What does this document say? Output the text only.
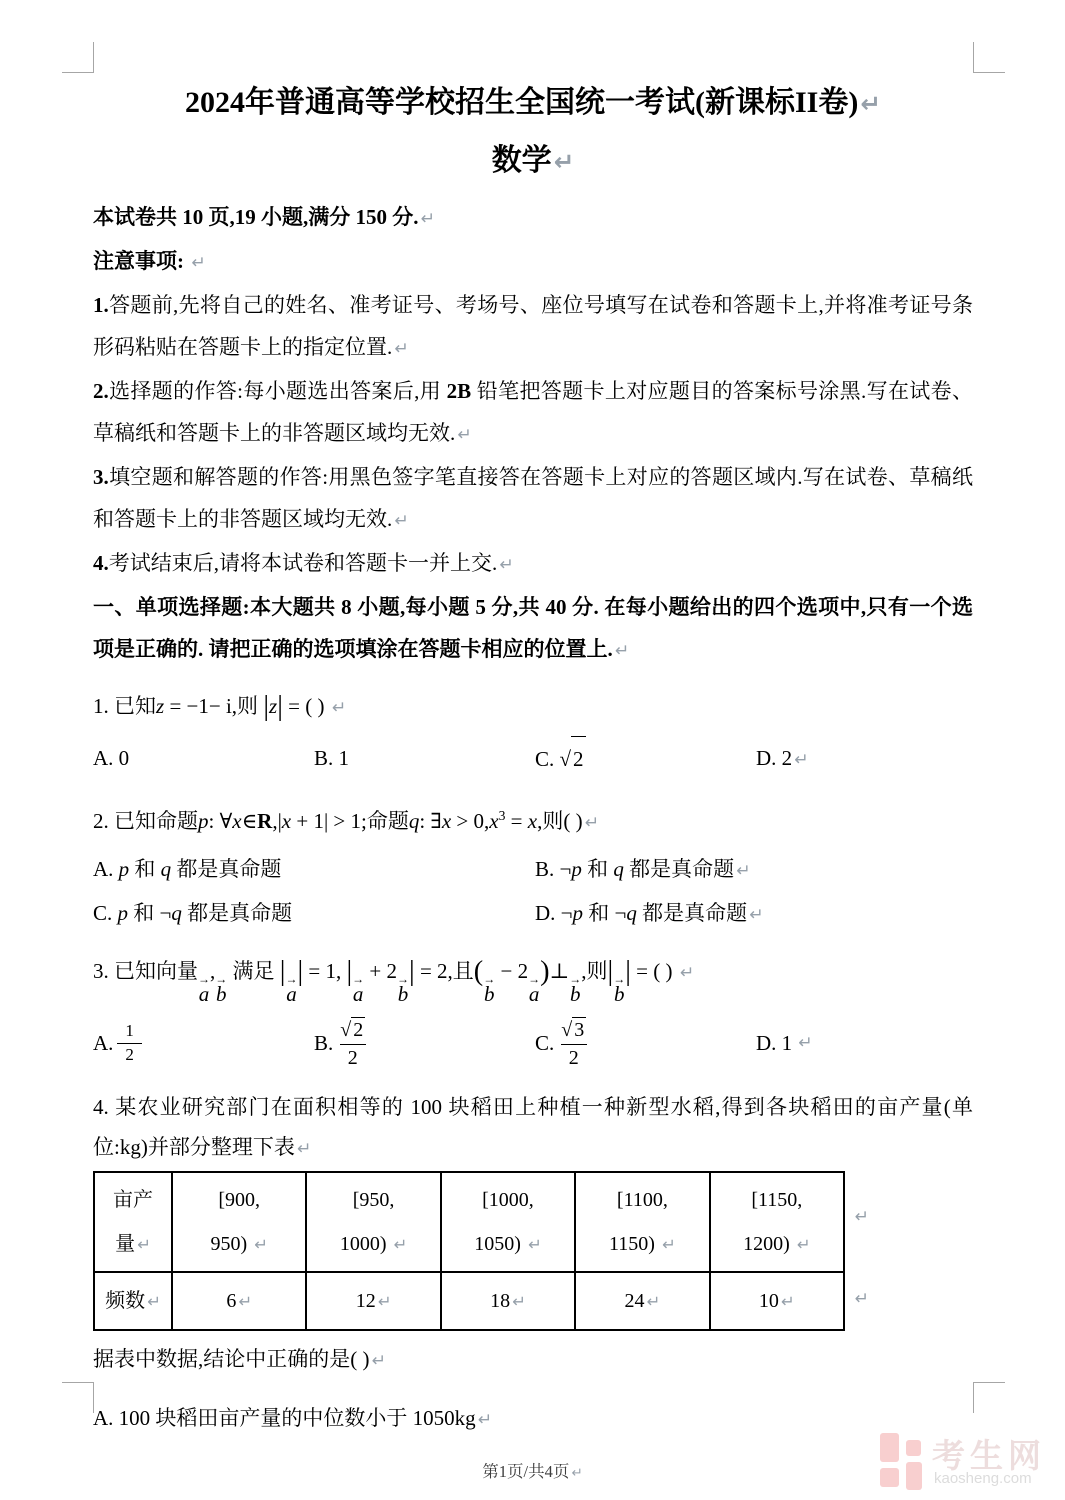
2024年普通高等学校招生全国统一考试(新课标II卷)↵
数学↵

本试卷共 10 页,19 小题,满分 150 分. ↵

注意事项: ↵

1.答题前,先将自己的姓名、准考证号、考场号、座位号填写在试卷和答题卡上,并将准考证号条形码粘贴在答题卡上的指定位置. ↵

2.选择题的作答:每小题选出答案后,用 2B 铅笔把答题卡上对应题目的答案标号涂黑.写在试卷、草稿纸和答题卡上的非答题区域均无效. ↵

3.填空题和解答题的作答:用黑色签字笔直接答在答题卡上对应的答题区域内.写在试卷、草稿纸和答题卡上的非答题区域均无效. ↵

4.考试结束后,请将本试卷和答题卡一并上交. ↵

一、单项选择题:本大题共 8 小题,每小题 5 分,共 40 分. 在每小题给出的四个选项中,只有一个选项是正确的. 请把正确的选项填涂在答题卡相应的位置上. ↵

1. 已知z = −1− i,则 |z| = ( ) ↵

A. 0	B. 1	C. √2	D. 2 ↵

2. 已知命题p: ∀x∈R,|x + 1| > 1;命题q: ∃x > $0,x^3 = x$,则( ) ↵

A. p 和 q 都是真命题	B. ¬p 和 q 都是真命题 ↵
C. p 和 ¬q 都是真命题	D. ¬p 和 ¬q 都是真命题 ↵

3. 已知向量 →
a
, →
b
满足 | →
a
| = 1, | →
a
+ 2 →
b
| = 2,且( →
b
− 2 →
a
)⊥ →
b
,则| →
b
| = ( ) ↵

A. $\frac{1}{2}$	B. $\frac{√ 2}{2}$	C. $\frac{√ 3}{2}$	D. 1 ↵

4. 某农业研究部门在面积相等的 100 块稻田上种植一种新型水稻,得到各块稻田的亩产量(单位:kg)并部分整理下表 ↵

亩产
量 ↵	[900,
950) ↵	[950,
1000) ↵	[1000,
1050) ↵	[1100,
1150) ↵	[1150,
1200) ↵
频数 ↵	6 ↵	12 ↵	18 ↵	24 ↵	10 ↵
↵
↵

据表中数据,结论中正确的是( ) ↵

A. 100 块稻田亩产量的中位数小于 1050kg ↵

第1页/共4页 ↵	考生网
kaosheng.com
